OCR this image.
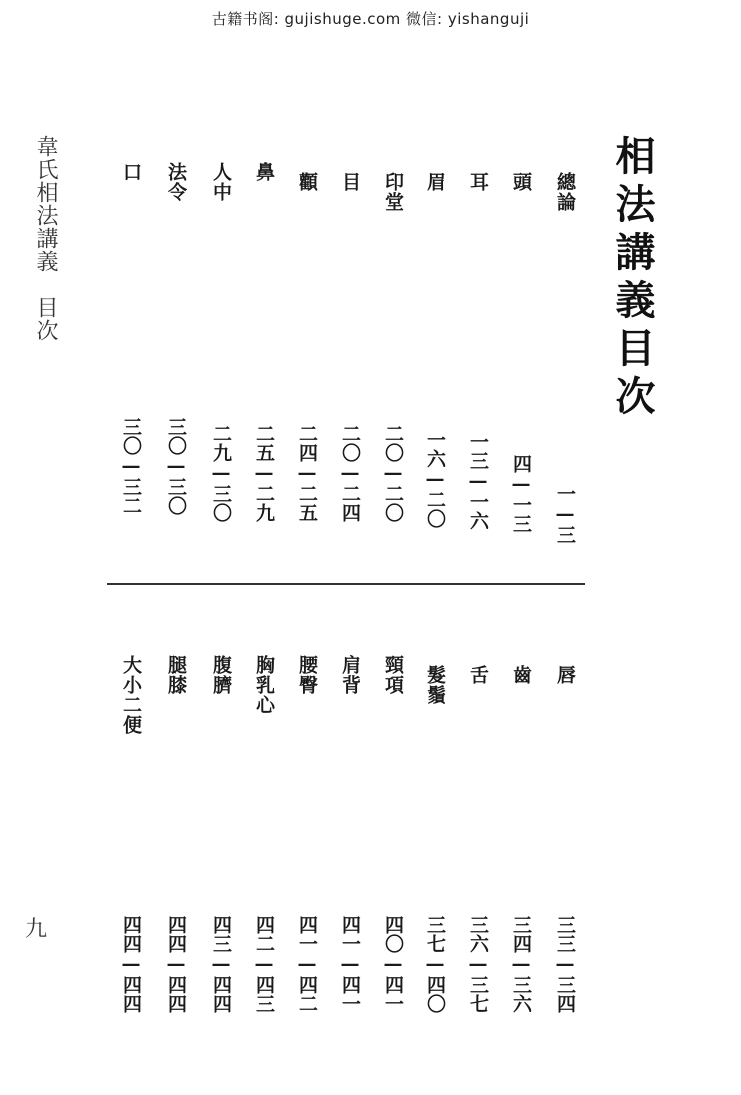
古籍书阁: gujishuge.com 微信: yishanguji
相法講義目次
韋氏相法講義　目次	總論
一—三
頭
四—一三
耳
一三—一六
眉
一六—二〇
印堂
二〇—二〇
目
二〇—二四
顴
二四—二五
鼻
二五—二九
人中
二九—三〇
法令
三〇—三〇
口
三〇—三二
唇
三三—三四
齒
三四—三六
舌
三六—三七
髮鬚
三七—四〇
頸項
四〇—四一
肩背
四一—四一
腰臀
四一—四二
胸乳心
四二—四三
腹臍
四三—四四
腿膝
四四—四四
大小二便
四四—四四
九
